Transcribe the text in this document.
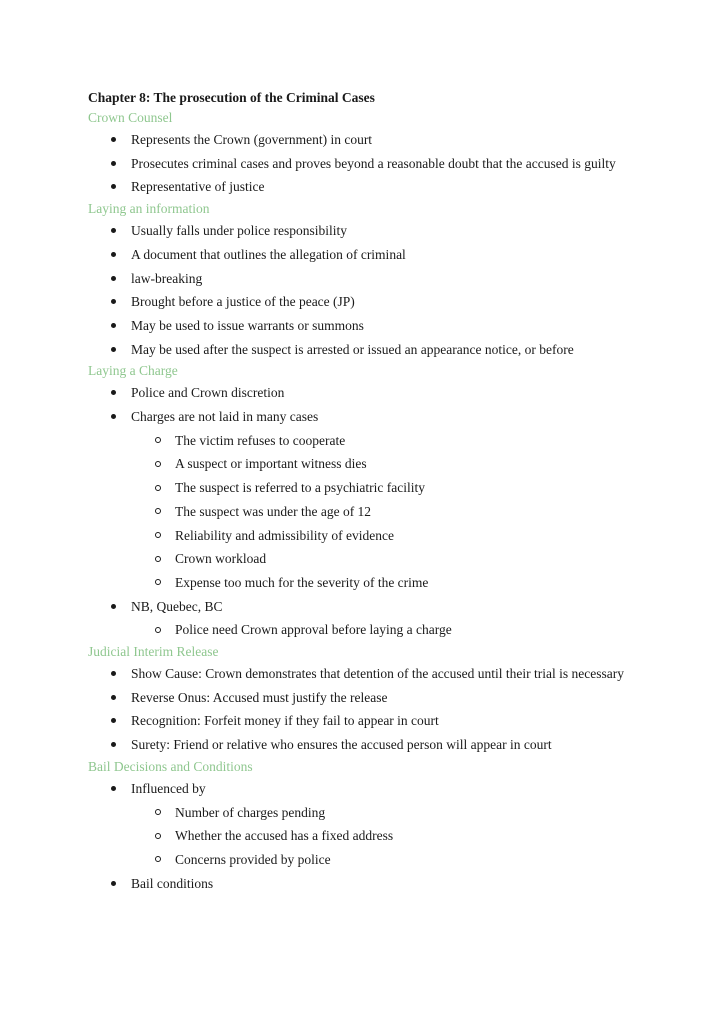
Chapter 8: The prosecution of the Criminal Cases

Crown Counsel

Represents the Crown (government) in court
Prosecutes criminal cases and proves beyond a reasonable doubt that the accused is guilty
Representative of justice

Laying an information

Usually falls under police responsibility
A document that outlines the allegation of criminal
law-breaking
Brought before a justice of the peace (JP)
May be used to issue warrants or summons
May be used after the suspect is arrested or issued an appearance notice, or before

Laying a Charge

Police and Crown discretion
Charges are not laid in many cases
The victim refuses to cooperate
A suspect or important witness dies
The suspect is referred to a psychiatric facility
The suspect was under the age of 12
Reliability and admissibility of evidence
Crown workload
Expense too much for the severity of the crime
NB, Quebec, BC
Police need Crown approval before laying a charge

Judicial Interim Release

Show Cause: Crown demonstrates that detention of the accused until their trial is necessary
Reverse Onus: Accused must justify the release
Recognition: Forfeit money if they fail to appear in court
Surety: Friend or relative who ensures the accused person will appear in court

Bail Decisions and Conditions

Influenced by
Number of charges pending
Whether the accused has a fixed address
Concerns provided by police
Bail conditions
